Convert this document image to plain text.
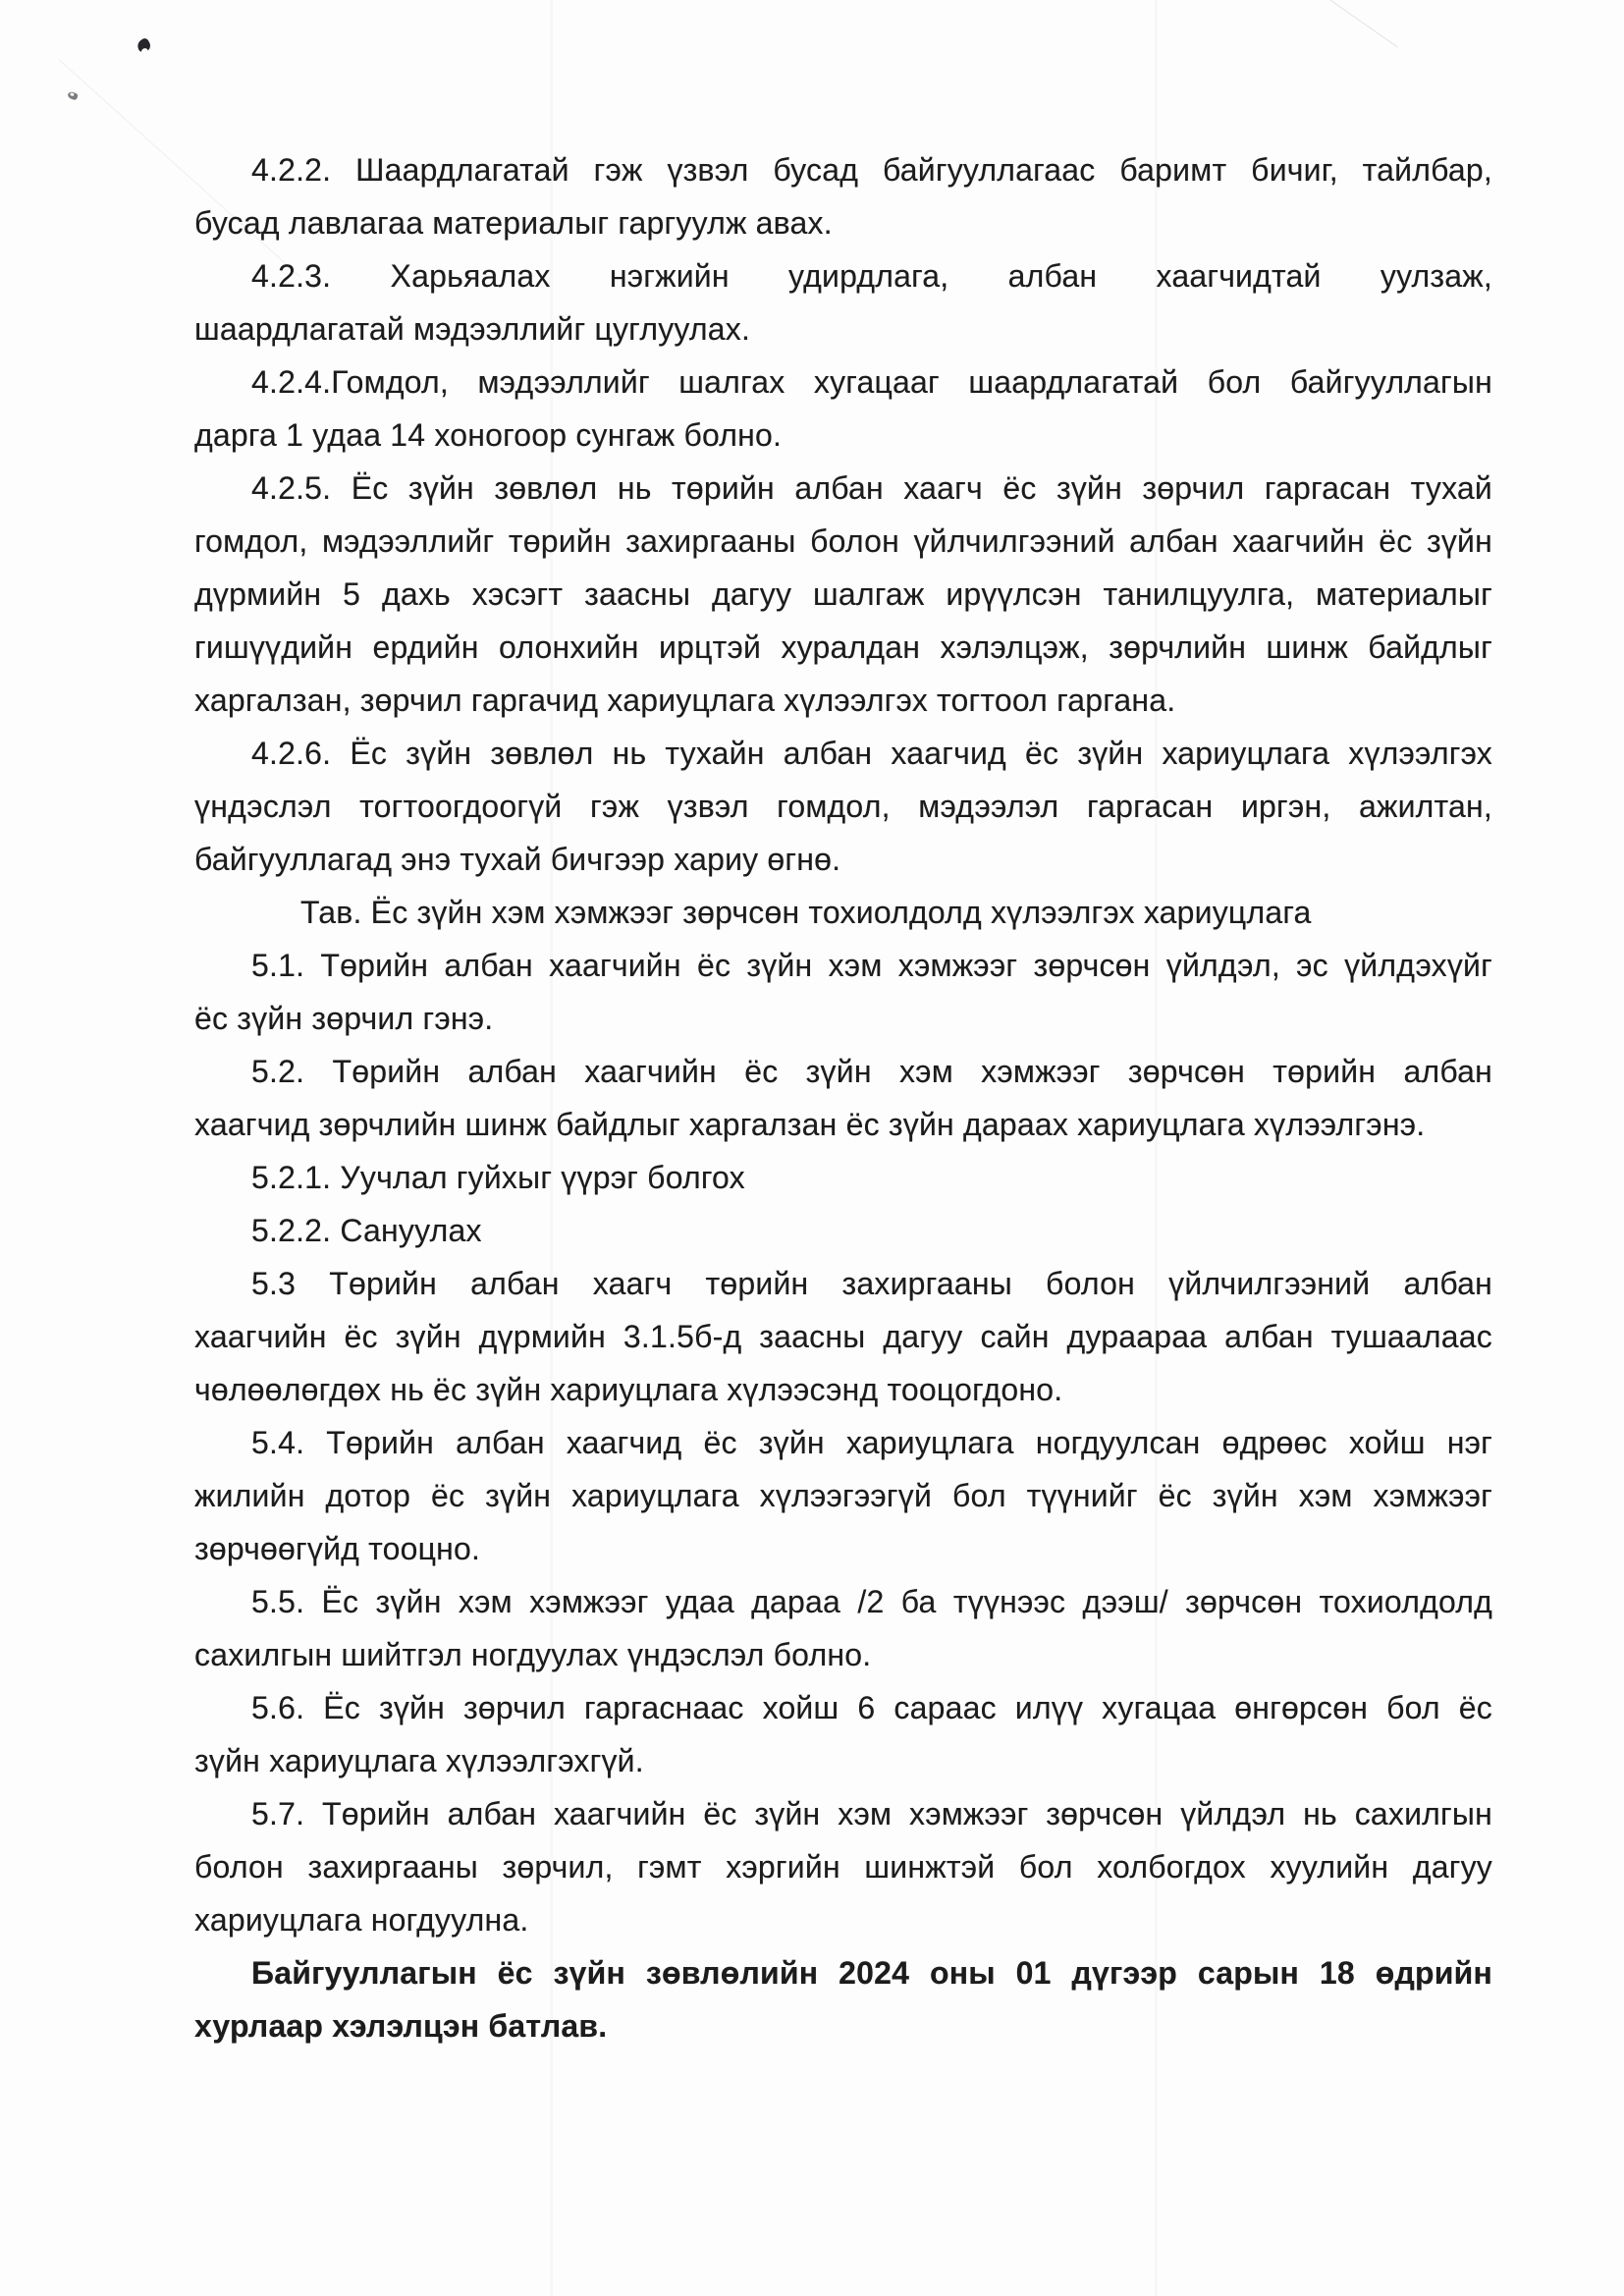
4.2.2. Шаардлагатай гэж үзвэл бусад байгууллагаас баримт бичиг, тайлбар,
бусад лавлагаа материалыг гаргуулж авах.
4.2.3. Харьяалах нэгжийн удирдлага, албан хаагчидтай уулзаж,
шаардлагатай мэдээллийг цуглуулах.
4.2.4.Гомдол, мэдээллийг шалгах хугацааг шаардлагатай бол байгууллагын
дарга 1 удаа 14 хоногоор сунгаж болно.
4.2.5. Ёс зүйн зөвлөл нь төрийн албан хаагч ёс зүйн зөрчил гаргасан тухай
гомдол, мэдээллийг төрийн захиргааны болон үйлчилгээний албан хаагчийн ёс зүйн
дүрмийн 5 дахь хэсэгт заасны дагуу шалгаж ирүүлсэн танилцуулга, материалыг
гишүүдийн ердийн олонхийн ирцтэй хуралдан хэлэлцэж, зөрчлийн шинж байдлыг
харгалзан, зөрчил гаргачид хариуцлага хүлээлгэх тогтоол гаргана.
4.2.6. Ёс зүйн зөвлөл нь тухайн албан хаагчид ёс зүйн хариуцлага хүлээлгэх
үндэслэл тогтоогдоогүй гэж үзвэл гомдол, мэдээлэл гаргасан иргэн, ажилтан,
байгууллагад энэ тухай бичгээр хариу өгнө.
Тав. Ёс зүйн хэм хэмжээг зөрчсөн тохиолдолд хүлээлгэх хариуцлага
5.1. Төрийн албан хаагчийн ёс зүйн хэм хэмжээг зөрчсөн үйлдэл, эс үйлдэхүйг
ёс зүйн зөрчил гэнэ.
5.2. Төрийн албан хаагчийн ёс зүйн хэм хэмжээг зөрчсөн төрийн албан
хаагчид зөрчлийн шинж байдлыг харгалзан ёс зүйн дараах хариуцлага хүлээлгэнэ.
5.2.1. Уучлал гуйхыг үүрэг болгох
5.2.2. Сануулах
5.3 Төрийн албан хаагч төрийн захиргааны болон үйлчилгээний албан
хаагчийн ёс зүйн дүрмийн 3.1.5б-д заасны дагуу сайн дураараа албан тушаалаас
чөлөөлөгдөх нь ёс зүйн хариуцлага хүлээсэнд тооцогдоно.
5.4. Төрийн албан хаагчид ёс зүйн хариуцлага ногдуулсан өдрөөс хойш нэг
жилийн дотор ёс зүйн хариуцлага хүлээгээгүй бол түүнийг ёс зүйн хэм хэмжээг
зөрчөөгүйд тооцно.
5.5. Ёс зүйн хэм хэмжээг удаа дараа /2 ба түүнээс дээш/ зөрчсөн тохиолдолд
сахилгын шийтгэл ногдуулах үндэслэл болно.
5.6. Ёс зүйн зөрчил гаргаснаас хойш 6 сараас илүү хугацаа өнгөрсөн бол ёс
зүйн хариуцлага хүлээлгэхгүй.
5.7. Төрийн албан хаагчийн ёс зүйн хэм хэмжээг зөрчсөн үйлдэл нь сахилгын
болон захиргааны зөрчил, гэмт хэргийн шинжтэй бол холбогдох хуулийн дагуу
хариуцлага ногдуулна.
Байгууллагын ёс зүйн зөвлөлийн 2024 оны 01 дүгээр сарын 18 өдрийн
хурлаар хэлэлцэн батлав.
